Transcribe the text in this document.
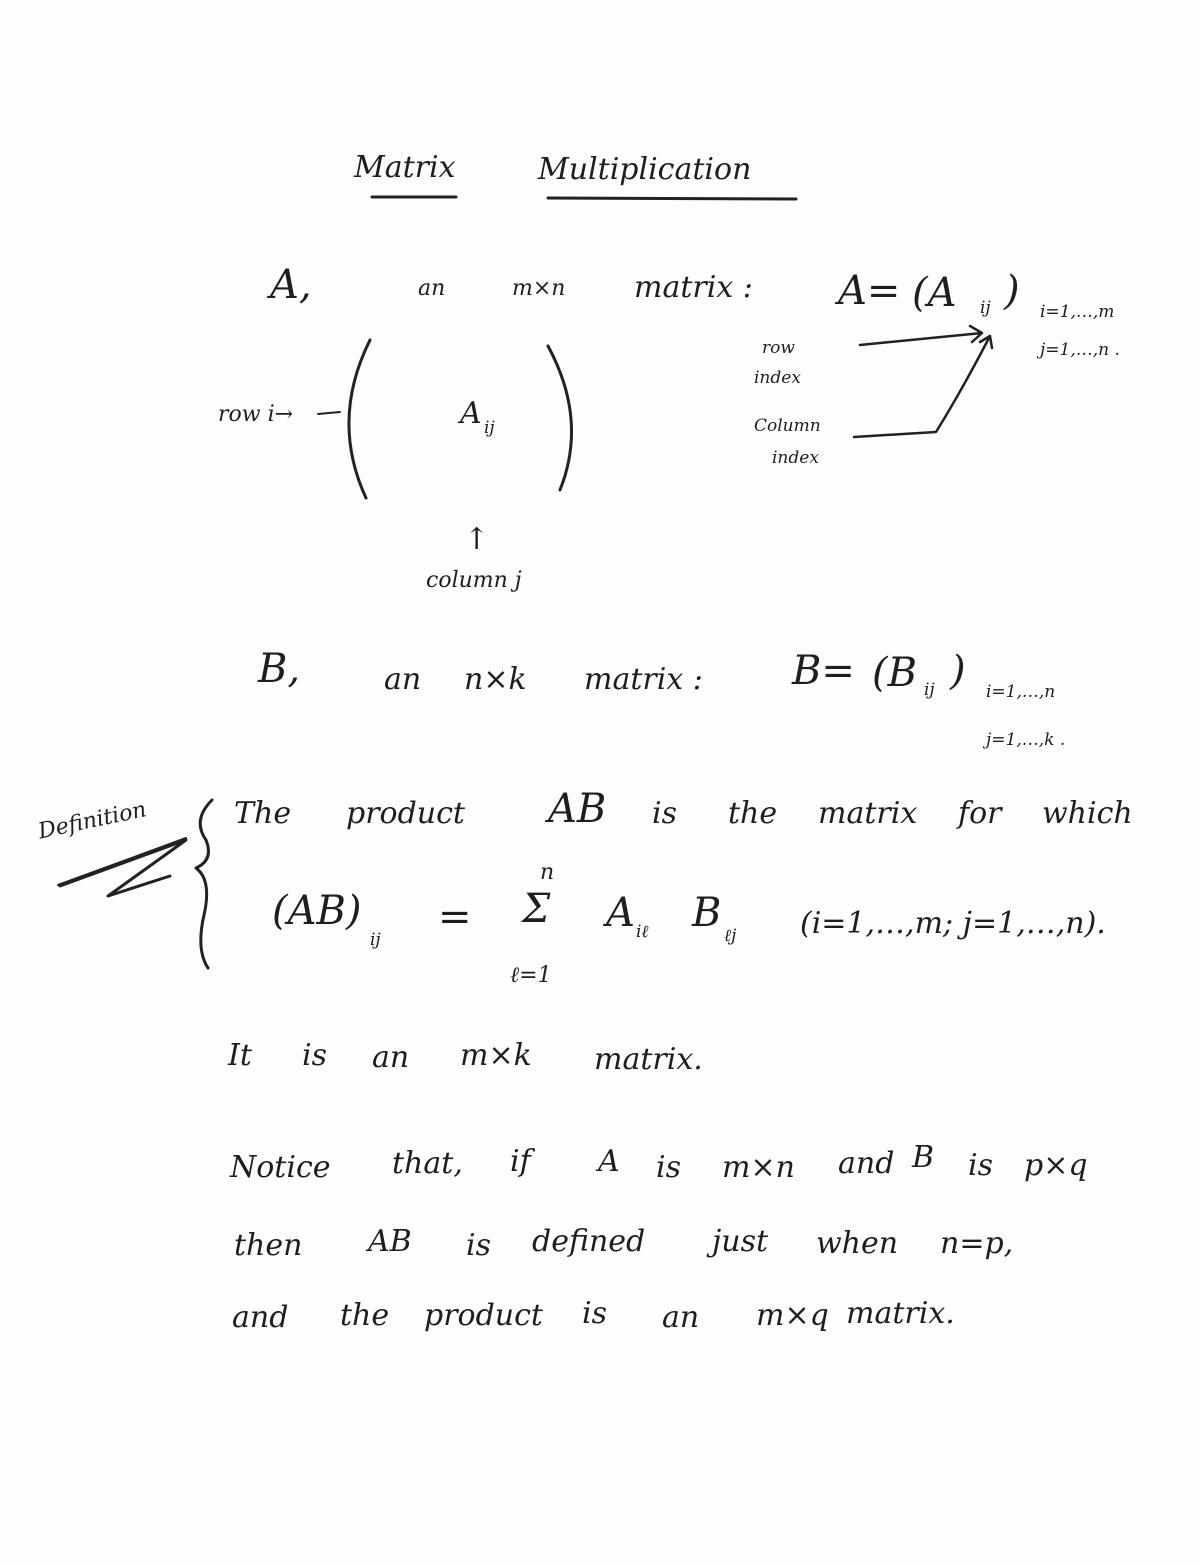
Matrix	Multiplication
A,	an	m×n matrix : A= (A ij ) i=1,…,m
j=1,…,n .
row i→	A ij
↑
column j
row
index
Column
index
B,	an n×k matrix : B= (B ij ) i=1,…,n
j=1,…,k .
Definition	The product AB is the matrix for which
(AB)
ij =
n
Σ
ℓ=1
A iℓ B ℓj (i=1,…,m; j=1,…,n).
It is an m×k matrix.
Notice that, if A is m×n and B is p×q
then AB is defined just when n=p,
and the product is an m×q matrix.
